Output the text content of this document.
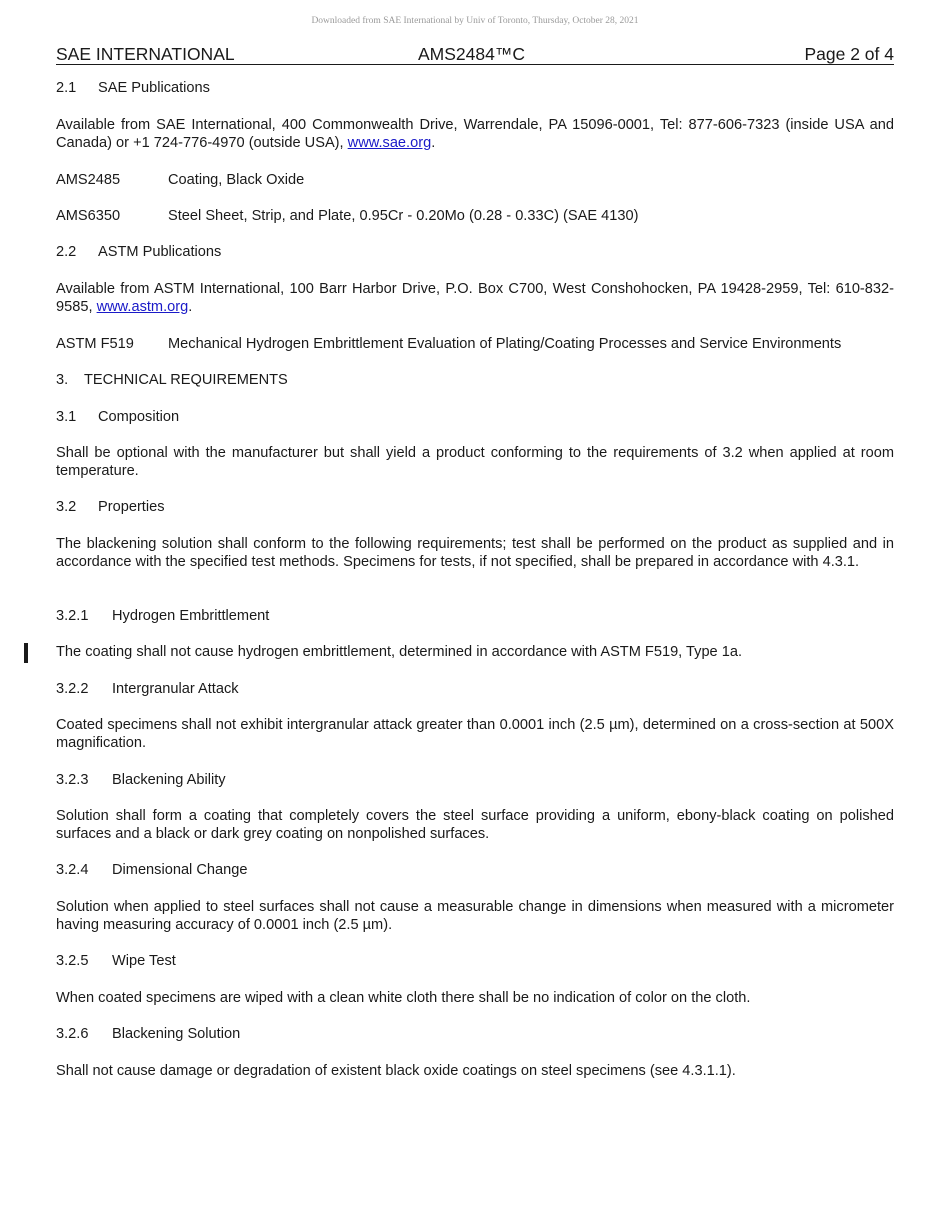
Downloaded from SAE International by Univ of Toronto, Thursday, October 28, 2021
SAE INTERNATIONAL	AMS2484™C	Page 2 of 4
2.1 SAE Publications
Available from SAE International, 400 Commonwealth Drive, Warrendale, PA 15096-0001, Tel: 877-606-7323 (inside USA and Canada) or +1 724-776-4970 (outside USA), www.sae.org.
AMS2485	Coating, Black Oxide
AMS6350	Steel Sheet, Strip, and Plate, 0.95Cr - 0.20Mo (0.28 - 0.33C) (SAE 4130)
2.2 ASTM Publications
Available from ASTM International, 100 Barr Harbor Drive, P.O. Box C700, West Conshohocken, PA 19428-2959, Tel: 610-832-9585, www.astm.org.
ASTM F519 Mechanical Hydrogen Embrittlement Evaluation of Plating/Coating Processes and Service Environments
3. TECHNICAL REQUIREMENTS
3.1 Composition
Shall be optional with the manufacturer but shall yield a product conforming to the requirements of 3.2 when applied at room temperature.
3.2 Properties
The blackening solution shall conform to the following requirements; test shall be performed on the product as supplied and in accordance with the specified test methods. Specimens for tests, if not specified, shall be prepared in accordance with 4.3.1.
3.2.1 Hydrogen Embrittlement
The coating shall not cause hydrogen embrittlement, determined in accordance with ASTM F519, Type 1a.
3.2.2 Intergranular Attack
Coated specimens shall not exhibit intergranular attack greater than 0.0001 inch (2.5 µm), determined on a cross-section at 500X magnification.
3.2.3 Blackening Ability
Solution shall form a coating that completely covers the steel surface providing a uniform, ebony-black coating on polished surfaces and a black or dark grey coating on nonpolished surfaces.
3.2.4 Dimensional Change
Solution when applied to steel surfaces shall not cause a measurable change in dimensions when measured with a micrometer having measuring accuracy of 0.0001 inch (2.5 µm).
3.2.5 Wipe Test
When coated specimens are wiped with a clean white cloth there shall be no indication of color on the cloth.
3.2.6 Blackening Solution
Shall not cause damage or degradation of existent black oxide coatings on steel specimens (see 4.3.1.1).
